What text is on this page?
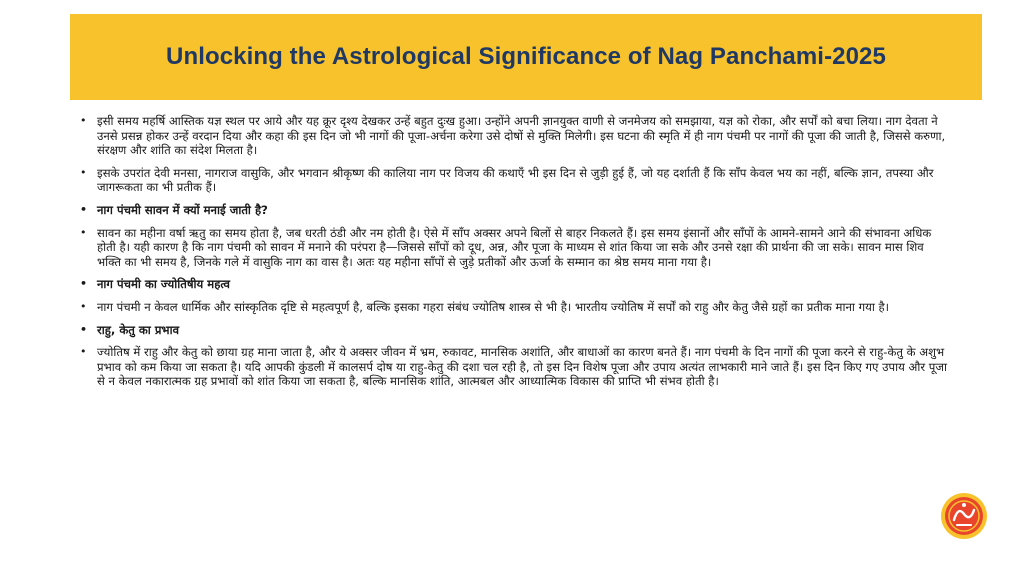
Unlocking the Astrological Significance of Nag Panchami-2025
• इसी समय महर्षि आस्तिक यज्ञ स्थल पर आये और यह क्रूर दृश्य देखकर उन्हें बहुत दुःख हुआ। उन्होंने अपनी ज्ञानयुक्त वाणी से जनमेजय को समझाया, यज्ञ को रोका, और सर्पों को बचा लिया। नाग देवता ने उनसे प्रसन्न होकर उन्हें वरदान दिया और कहा की इस दिन जो भी नागों की पूजा-अर्चना करेगा उसे दोषों से मुक्ति मिलेगी। इस घटना की स्मृति में ही नाग पंचमी पर नागों की पूजा की जाती है, जिससे करुणा, संरक्षण और शांति का संदेश मिलता है।
• इसके उपरांत देवी मनसा, नागराज वासुकि, और भगवान श्रीकृष्ण की कालिया नाग पर विजय की कथाएँ भी इस दिन से जुड़ी हुई हैं, जो यह दर्शाती हैं कि साँप केवल भय का नहीं, बल्कि ज्ञान, तपस्या और जागरूकता का भी प्रतीक हैं।
• नाग पंचमी सावन में क्यों मनाई जाती है?
• सावन का महीना वर्षा ऋतु का समय होता है, जब धरती ठंडी और नम होती है। ऐसे में साँप अक्सर अपने बिलों से बाहर निकलते हैं। इस समय इंसानों और साँपों के आमने-सामने आने की संभावना अधिक होती है। यही कारण है कि नाग पंचमी को सावन में मनाने की परंपरा है—जिससे साँपों को दूध, अन्न, और पूजा के माध्यम से शांत किया जा सके और उनसे रक्षा की प्रार्थना की जा सके। सावन मास शिव भक्ति का भी समय है, जिनके गले में वासुकि नाग का वास है। अतः यह महीना साँपों से जुड़े प्रतीकों और ऊर्जा के सम्मान का श्रेष्ठ समय माना गया है।
• नाग पंचमी का ज्योतिषीय महत्व
• नाग पंचमी न केवल धार्मिक और सांस्कृतिक दृष्टि से महत्वपूर्ण है, बल्कि इसका गहरा संबंध ज्योतिष शास्त्र से भी है। भारतीय ज्योतिष में सर्पों को राहु और केतु जैसे ग्रहों का प्रतीक माना गया है।
• राहु, केतु का प्रभाव
• ज्योतिष में राहु और केतु को छाया ग्रह माना जाता है, और ये अक्सर जीवन में भ्रम, रुकावट, मानसिक अशांति, और बाधाओं का कारण बनते हैं। नाग पंचमी के दिन नागों की पूजा करने से राहु-केतु के अशुभ प्रभाव को कम किया जा सकता है। यदि आपकी कुंडली में कालसर्प दोष या राहु-केतु की दशा चल रही है, तो इस दिन विशेष पूजा और उपाय अत्यंत लाभकारी माने जाते हैं। इस दिन किए गए उपाय और पूजा से न केवल नकारात्मक ग्रह प्रभावों को शांत किया जा सकता है, बल्कि मानसिक शांति, आत्मबल और आध्यात्मिक विकास की प्राप्ति भी संभव होती है।
